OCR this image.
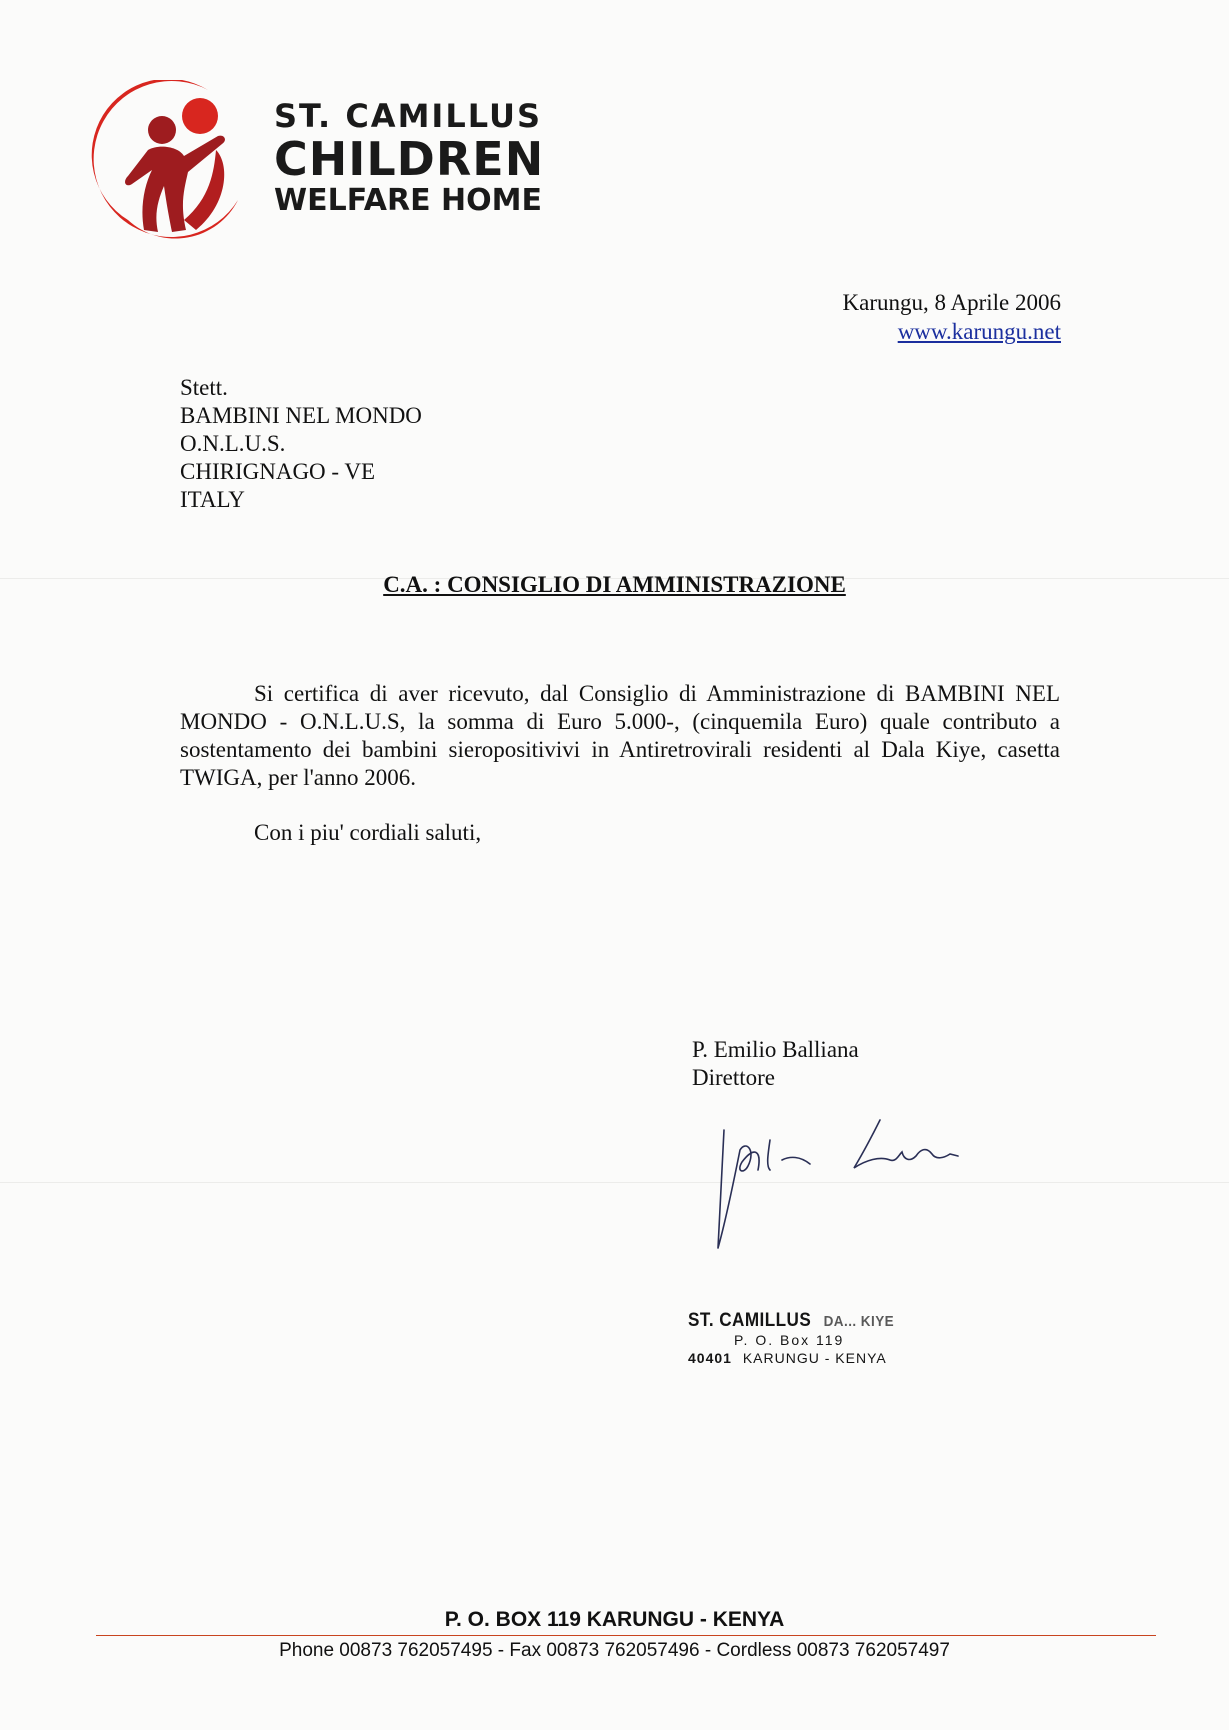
ST. CAMILLUS
CHILDREN
WELFARE HOME
Karungu, 8 Aprile 2006
www.karungu.net
Stett.
BAMBINI NEL MONDO
O.N.L.U.S.
CHIRIGNAGO - VE
ITALY
C.A. : CONSIGLIO DI AMMINISTRAZIONE
Si certifica di aver ricevuto, dal Consiglio di Amministrazione di BAMBINI NEL MONDO - O.N.L.U.S, la somma di Euro 5.000-, (cinquemila Euro) quale contributo a sostentamento dei bambini sieropositivivi in Antiretrovirali residenti al Dala Kiye, casetta TWIGA, per l'anno 2006.
Con i piu' cordiali saluti,
P. Emilio Balliana
Direttore
ST. CAMILLUS DA... KIYE
P. O. Box 119
40401 KARUNGU - KENYA
P. O. BOX 119 KARUNGU - KENYA
Phone 00873 762057495 - Fax 00873 762057496 - Cordless 00873 762057497
